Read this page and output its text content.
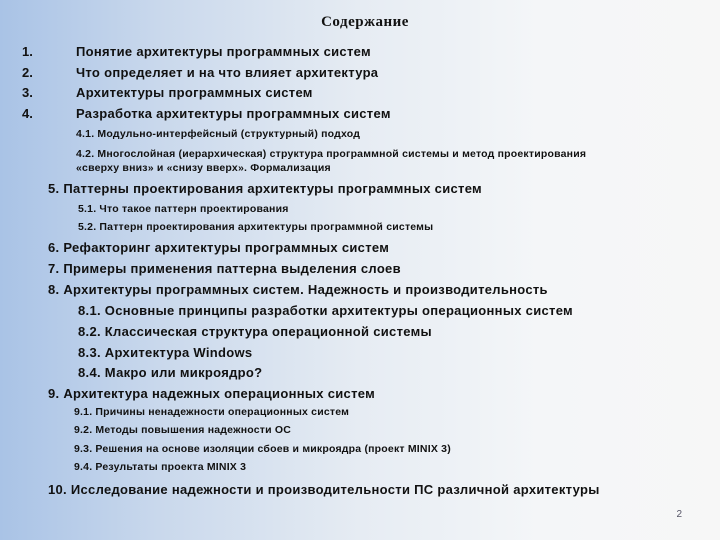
Содержание
1.	Понятие архитектуры программных систем
2.	Что определяет и на что влияет архитектура
3.	Архитектуры программных систем
4.	Разработка архитектуры программных систем
4.1. Модульно-интерфейсный (структурный) подход
4.2. Многослойная (иерархическая) структура программной системы и метод проектирования
«сверху вниз» и «снизу вверх». Формализация
5. Паттерны проектирования архитектуры программных систем
5.1. Что такое паттерн проектирования
5.2. Паттерн проектирования архитектуры программной системы
6. Рефакторинг архитектуры программных систем
7. Примеры применения паттерна выделения слоев
8. Архитектуры программных систем. Надежность и производительность
8.1. Основные принципы разработки архитектуры операционных систем
8.2. Классическая структура операционной системы
8.3. Архитектура Windows
8.4. Макро или микроядро?
9. Архитектура надежных операционных систем
9.1. Причины ненадежности операционных систем
9.2. Методы повышения надежности ОС
9.3. Решения на основе изоляции сбоев и микроядра (проект MINIX 3)
9.4. Результаты проекта MINIX 3
10. Исследование надежности и производительности ПС различной архитектуры
2
